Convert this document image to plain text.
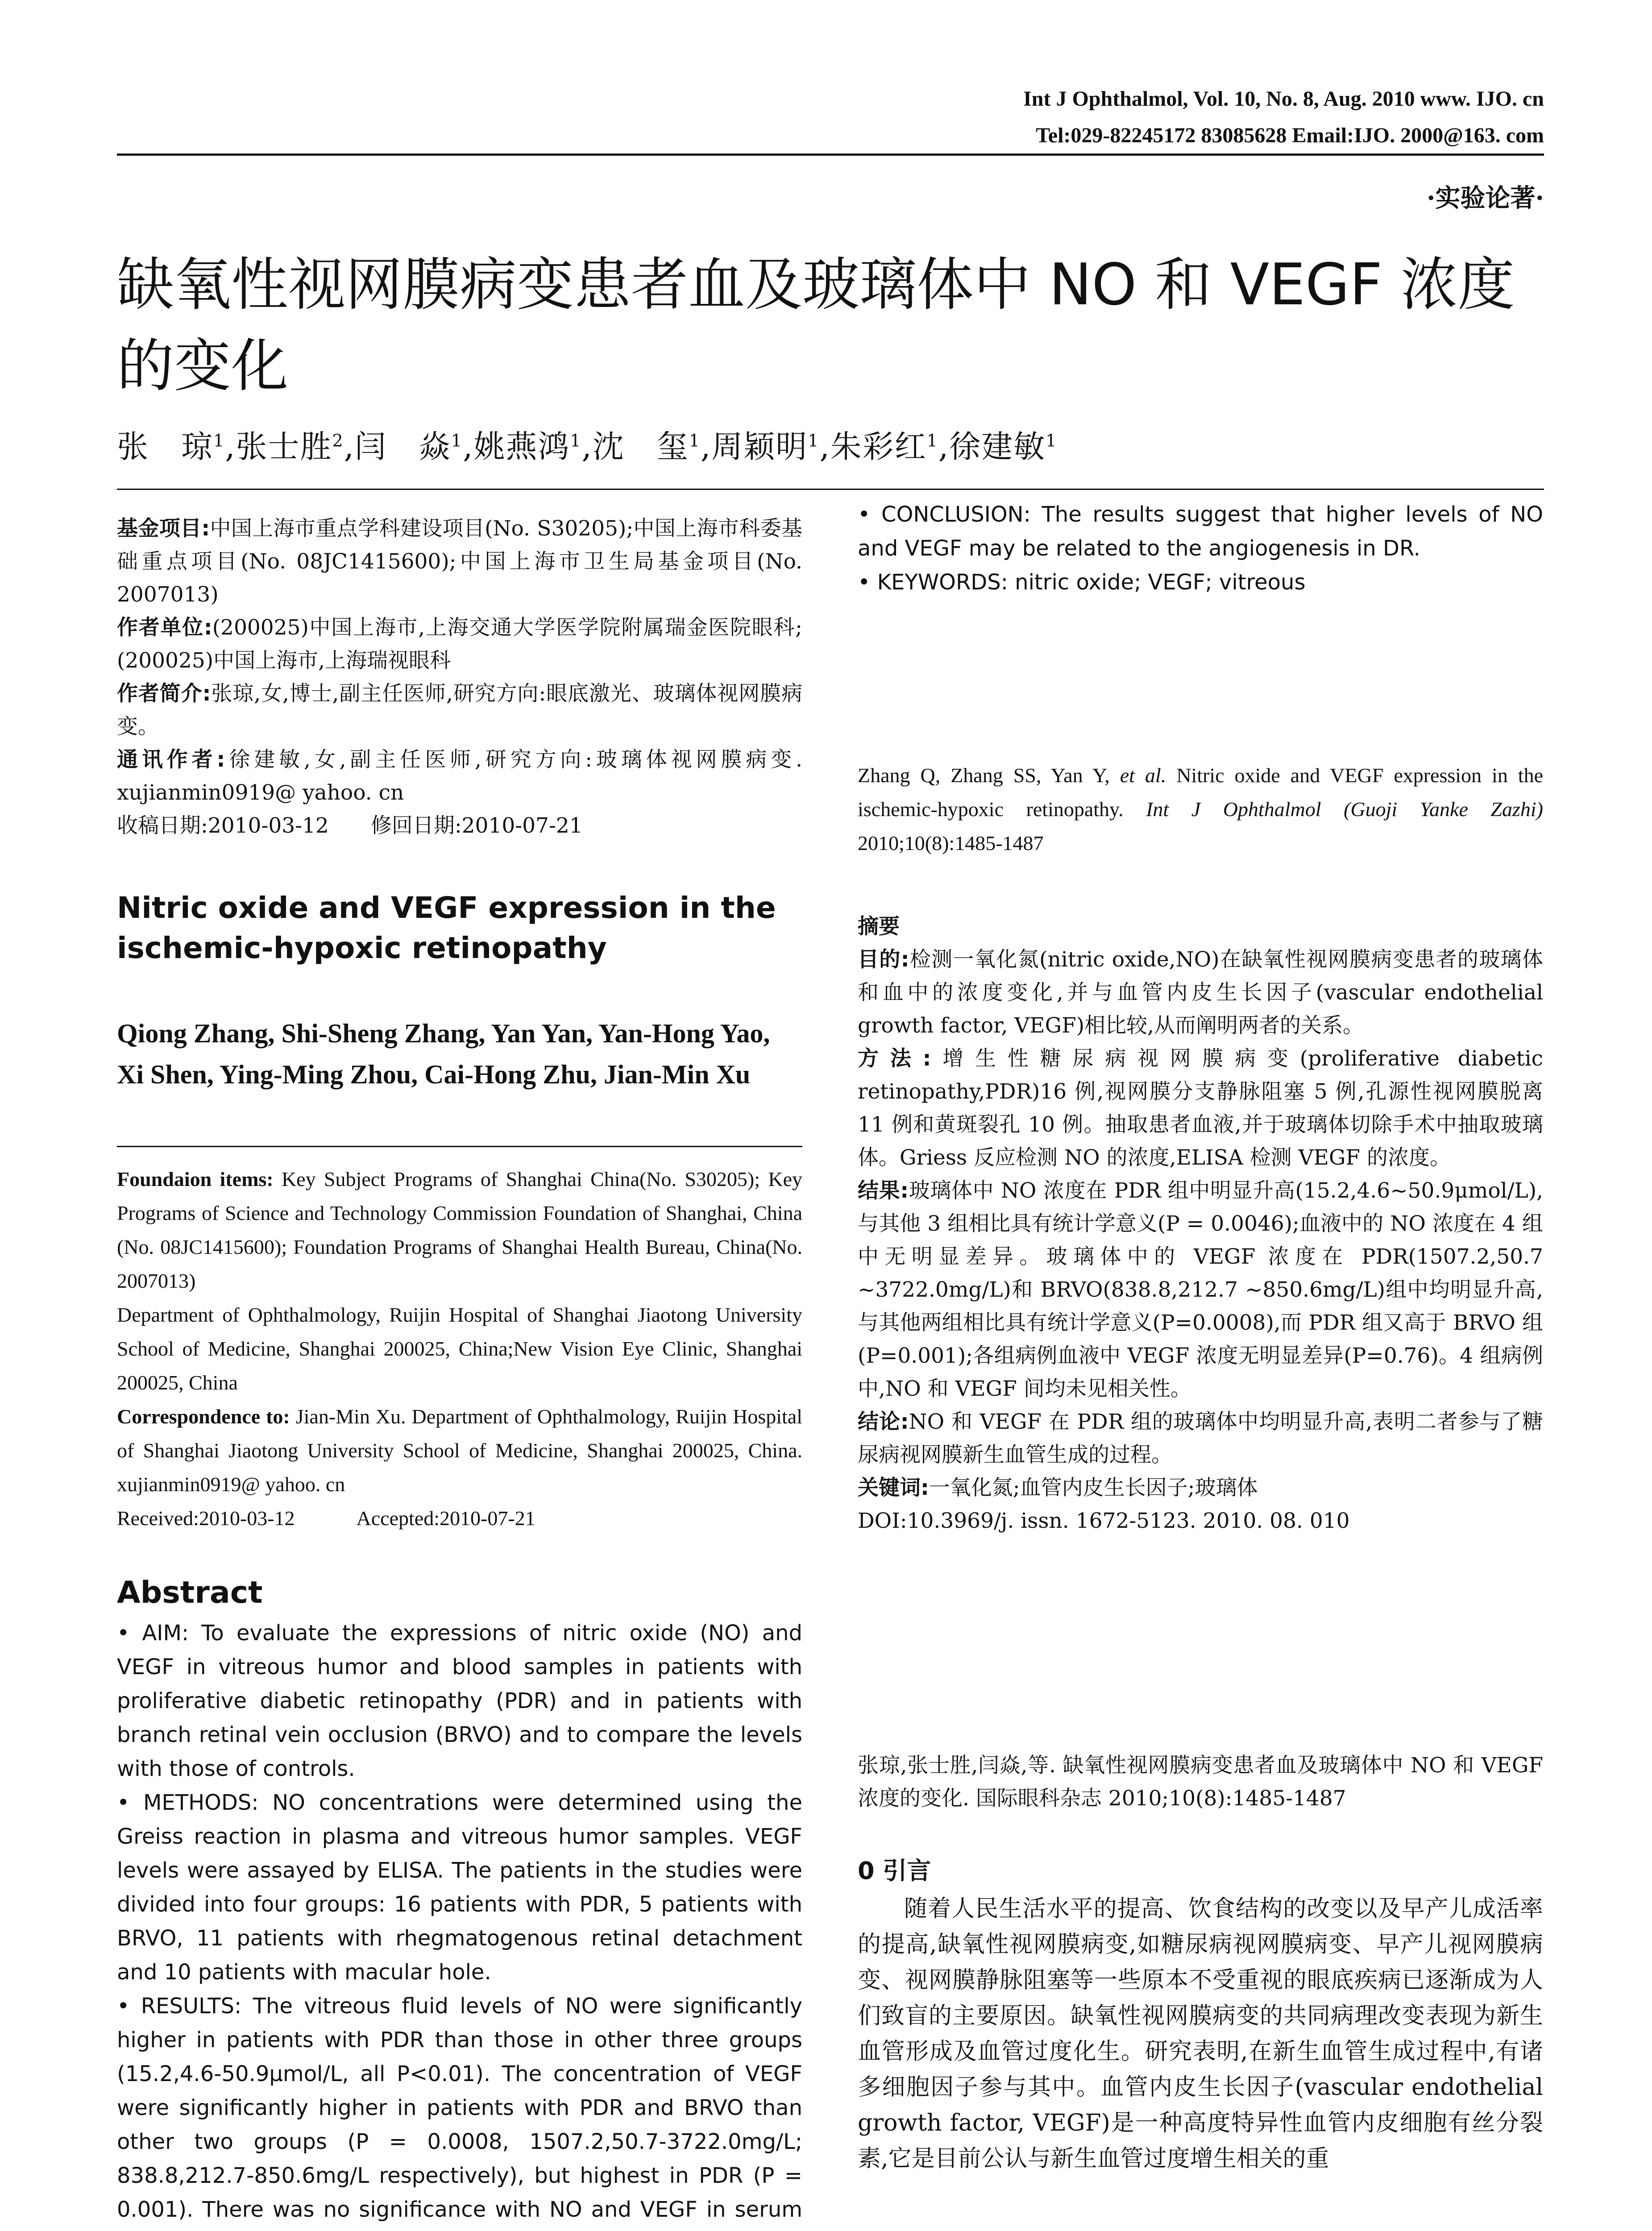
Int J Ophthalmol, Vol. 10, No. 8, Aug. 2010 www. IJO. cn
Tel:029-82245172 83085628 Email:IJO. 2000@163. com
·实验论著·
缺氧性视网膜病变患者血及玻璃体中 NO 和 VEGF 浓度的变化
张　琼$^1$,张士胜$^2$,闫　焱$^1$,姚燕鸿$^1$,沈　玺$^1$,周颖明$^1$,朱彩红$^1$,徐建敏$^1$

基金项目:中国上海市重点学科建设项目(No. S30205);中国上海市科委基础重点项目(No. 08JC1415600);中国上海市卫生局基金项目(No. 2007013)

作者单位:(200025)中国上海市,上海交通大学医学院附属瑞金医院眼科;(200025)中国上海市,上海瑞视眼科

作者简介:张琼,女,博士,副主任医师,研究方向:眼底激光、玻璃体视网膜病变。

通讯作者:徐建敏,女,副主任医师,研究方向:玻璃体视网膜病变. xujianmin0919@ yahoo. cn

收稿日期:2010-03-12　　修回日期:2010-07-21

Nitric oxide and VEGF expression in the ischemic-hypoxic retinopathy
Qiong Zhang, Shi-Sheng Zhang, Yan Yan, Yan-Hong Yao, Xi Shen, Ying-Ming Zhou, Cai-Hong Zhu, Jian-Min Xu

Foundaion items: Key Subject Programs of Shanghai China(No. S30205); Key Programs of Science and Technology Commission Foundation of Shanghai, China (No. 08JC1415600); Foundation Programs of Shanghai Health Bureau, China(No. 2007013)

Department of Ophthalmology, Ruijin Hospital of Shanghai Jiaotong University School of Medicine, Shanghai 200025, China;New Vision Eye Clinic, Shanghai 200025, China

Correspondence to: Jian-Min Xu. Department of Ophthalmology, Ruijin Hospital of Shanghai Jiaotong University School of Medicine, Shanghai 200025, China. xujianmin0919@ yahoo. cn

Received:2010-03-12　　　Accepted:2010-07-21

Abstract

• AIM: To evaluate the expressions of nitric oxide (NO) and VEGF in vitreous humor and blood samples in patients with proliferative diabetic retinopathy (PDR) and in patients with branch retinal vein occlusion (BRVO) and to compare the levels with those of controls.

• METHODS: NO concentrations were determined using the Greiss reaction in plasma and vitreous humor samples. VEGF levels were assayed by ELISA. The patients in the studies were divided into four groups: 16 patients with PDR, 5 patients with BRVO, 11 patients with rhegmatogenous retinal detachment and 10 patients with macular hole.

• RESULTS: The vitreous fluid levels of NO were significantly higher in patients with PDR than those in other three groups (15.2,4.6-50.9μmol/L, all P<0.01). The concentration of VEGF were significantly higher in patients with PDR and BRVO than other two groups (P = 0.0008, 1507.2,50.7-3722.0mg/L; 838.8,212.7-850.6mg/L respectively), but highest in PDR (P = 0.001). There was no significance with NO and VEGF in serum

• CONCLUSION: The results suggest that higher levels of NO and VEGF may be related to the angiogenesis in DR.

• KEYWORDS: nitric oxide; VEGF; vitreous

Zhang Q, Zhang SS, Yan Y, et al. Nitric oxide and VEGF expression in the ischemic-hypoxic retinopathy. Int J Ophthalmol (Guoji Yanke Zazhi) 2010;10(8):1485-1487

摘要

目的:检测一氧化氮(nitric oxide,NO)在缺氧性视网膜病变患者的玻璃体和血中的浓度变化,并与血管内皮生长因子(vascular endothelial growth factor, VEGF)相比较,从而阐明两者的关系。

方法:增生性糖尿病视网膜病变(proliferative diabetic retinopathy,PDR)16 例,视网膜分支静脉阻塞 5 例,孔源性视网膜脱离 11 例和黄斑裂孔 10 例。抽取患者血液,并于玻璃体切除手术中抽取玻璃体。Griess 反应检测 NO 的浓度,ELISA 检测 VEGF 的浓度。

结果:玻璃体中 NO 浓度在 PDR 组中明显升高(15.2,4.6~50.9μmol/L),与其他 3 组相比具有统计学意义(P = 0.0046);血液中的 NO 浓度在 4 组中无明显差异。玻璃体中的 VEGF 浓度在 PDR(1507.2,50.7 ~3722.0mg/L)和 BRVO(838.8,212.7 ~850.6mg/L)组中均明显升高,与其他两组相比具有统计学意义(P=0.0008),而 PDR 组又高于 BRVO 组(P=0.001);各组病例血液中 VEGF 浓度无明显差异(P=0.76)。4 组病例中,NO 和 VEGF 间均未见相关性。

结论:NO 和 VEGF 在 PDR 组的玻璃体中均明显升高,表明二者参与了糖尿病视网膜新生血管生成的过程。

关键词:一氧化氮;血管内皮生长因子;玻璃体

DOI:10.3969/j. issn. 1672-5123. 2010. 08. 010

张琼,张士胜,闫焱,等. 缺氧性视网膜病变患者血及玻璃体中 NO 和 VEGF 浓度的变化. 国际眼科杂志 2010;10(8):1485-1487

0 引言

随着人民生活水平的提高、饮食结构的改变以及早产儿成活率的提高,缺氧性视网膜病变,如糖尿病视网膜病变、早产儿视网膜病变、视网膜静脉阻塞等一些原本不受重视的眼底疾病已逐渐成为人们致盲的主要原因。缺氧性视网膜病变的共同病理改变表现为新生血管形成及血管过度化生。研究表明,在新生血管生成过程中,有诸多细胞因子参与其中。血管内皮生长因子(vascular endothelial growth factor, VEGF)是一种高度特异性血管内皮细胞有丝分裂素,它是目前公认与新生血管过度增生相关的重
